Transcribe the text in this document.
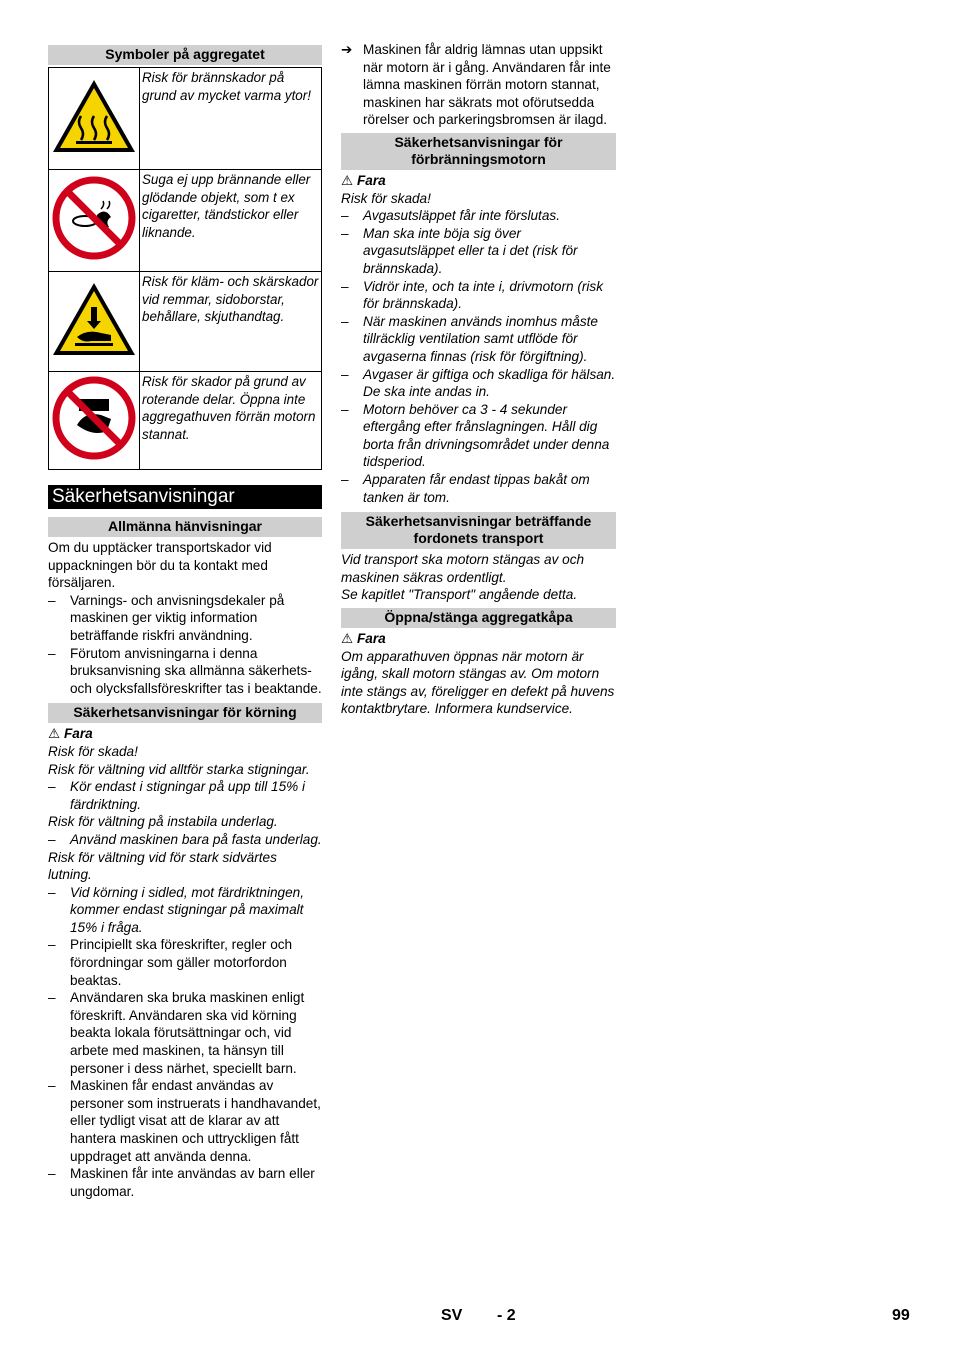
Symboler på aggregatet
	Risk för brännskador på grund av mycket varma ytor!
	Suga ej upp brännande eller glödande objekt, som t ex cigaretter, tändstickor eller liknande.
	Risk för kläm- och skärskador vid remmar, sidoborstar, behållare, skjuthandtag.
	Risk för skador på grund av roterande delar. Öppna inte aggregathuven förrän motorn stannat.
Säkerhetsanvisningar
Allmänna hänvisningar

Om du upptäcker transportskador vid uppackningen bör du ta kontakt med försäljaren.

– Varnings- och anvisningsdekaler på maskinen ger viktig information beträffande riskfri användning.
– Förutom anvisningarna i denna bruksanvisning ska allmänna säkerhets- och olycksfallsföreskrifter tas i beaktande.
Säkerhetsanvisningar för körning

⚠ Fara

Risk för skada!

Risk för vältning vid alltför starka stigningar.

– Kör endast i stigningar på upp till 15% i färdriktning.

Risk för vältning på instabila underlag.

– Använd maskinen bara på fasta underlag.

Risk för vältning vid för stark sidvärtes lutning.

– Vid körning i sidled, mot färdriktningen, kommer endast stigningar på maximalt 15% i fråga.
– Principiellt ska föreskrifter, regler och förordningar som gäller motorfordon beaktas.
– Användaren ska bruka maskinen enligt föreskrift. Användaren ska vid körning beakta lokala förutsättningar och, vid arbete med maskinen, ta hänsyn till personer i dess närhet, speciellt barn.
– Maskinen får endast användas av personer som instruerats i handhavandet, eller tydligt visat att de klarar av att hantera maskinen och uttryckligen fått uppdraget att använda denna.
– Maskinen får inte användas av barn eller ungdomar.
➔ Maskinen får aldrig lämnas utan uppsikt när motorn är i gång. Användaren får inte lämna maskinen förrän motorn stannat, maskinen har säkrats mot oförutsedda rörelser och parkeringsbromsen är ilagd.
Säkerhetsanvisningar för förbränningsmotorn

⚠ Fara

Risk för skada!

– Avgasutsläppet får inte förslutas.
– Man ska inte böja sig över avgasutsläppet eller ta i det (risk för brännskada).
– Vidrör inte, och ta inte i, drivmotorn (risk för brännskada).
– När maskinen används inomhus måste tillräcklig ventilation samt utflöde för avgaserna finnas (risk för förgiftning).
– Avgaser är giftiga och skadliga för hälsan. De ska inte andas in.
– Motorn behöver ca 3 - 4 sekunder eftergång efter frånslagningen. Håll dig borta från drivningsområdet under denna tidsperiod.
– Apparaten får endast tippas bakåt om tanken är tom.
Säkerhetsanvisningar beträffande fordonets transport

Vid transport ska motorn stängas av och maskinen säkras ordentligt.

Se kapitlet "Transport" angående detta.

Öppna/stänga aggregatkåpa

⚠ Fara

Om apparathuven öppnas när motorn är igång, skall motorn stängas av. Om motorn inte stängs av, föreligger en defekt på huvens kontaktbrytare. Informera kundservice.

SV - 2	99
